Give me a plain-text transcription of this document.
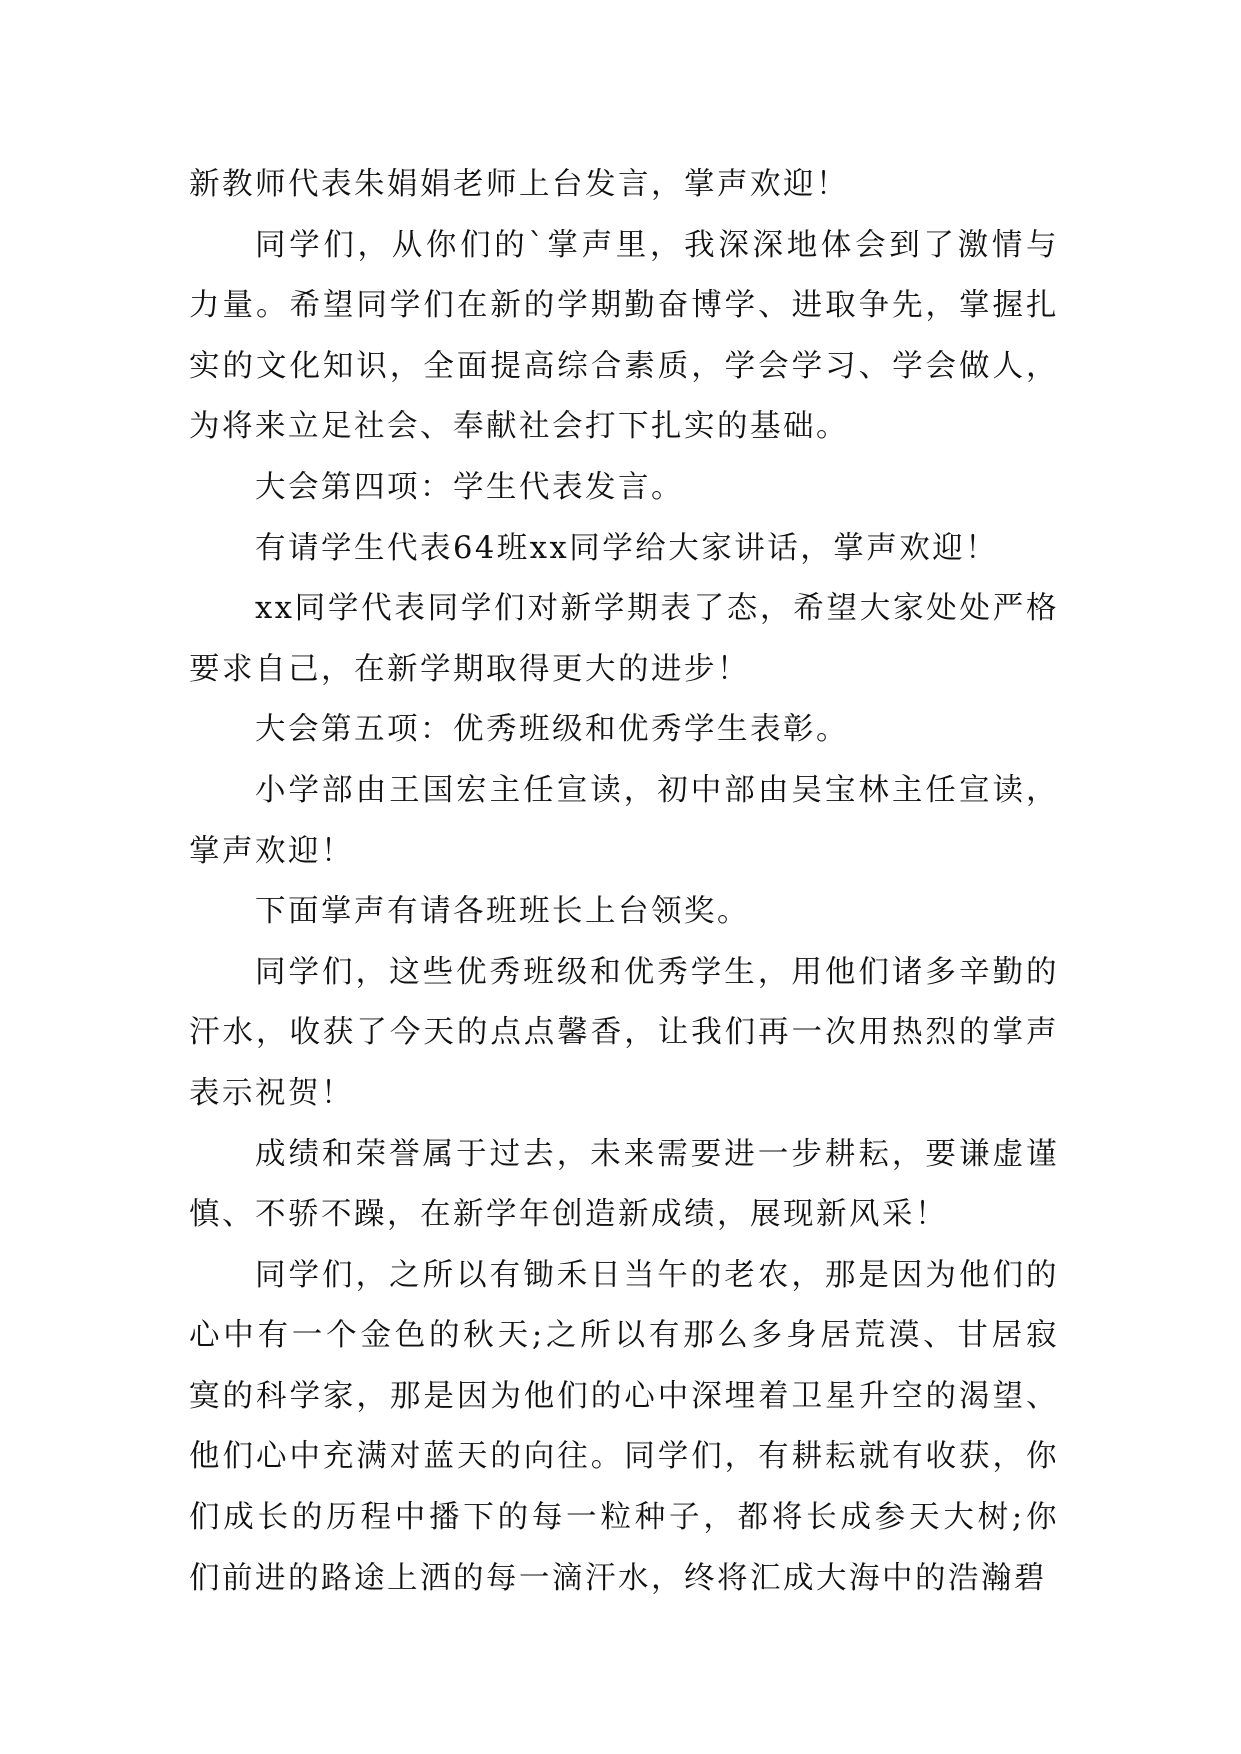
新教师代表朱娟娟老师上台发言，掌声欢迎！

同学们，从你们的`掌声里，我深深地体会到了激情与力量。希望同学们在新的学期勤奋博学、进取争先，掌握扎实的文化知识，全面提高综合素质，学会学习、学会做人，为将来立足社会、奉献社会打下扎实的基础。

大会第四项：学生代表发言。

有请学生代表64班xx同学给大家讲话，掌声欢迎！

xx同学代表同学们对新学期表了态，希望大家处处严格要求自己，在新学期取得更大的进步！

大会第五项：优秀班级和优秀学生表彰。

小学部由王国宏主任宣读，初中部由吴宝林主任宣读，掌声欢迎！

下面掌声有请各班班长上台领奖。

同学们，这些优秀班级和优秀学生，用他们诸多辛勤的汗水，收获了今天的点点馨香，让我们再一次用热烈的掌声表示祝贺！

成绩和荣誉属于过去，未来需要进一步耕耘，要谦虚谨慎、不骄不躁，在新学年创造新成绩，展现新风采！

同学们，之所以有锄禾日当午的老农，那是因为他们的心中有一个金色的秋天;之所以有那么多身居荒漠、甘居寂寞的科学家，那是因为他们的心中深埋着卫星升空的渴望、他们心中充满对蓝天的向往。同学们，有耕耘就有收获，你们成长的历程中播下的每一粒种子，都将长成参天大树;你们前进的路途上洒的每一滴汗水，终将汇成大海中的浩瀚碧
